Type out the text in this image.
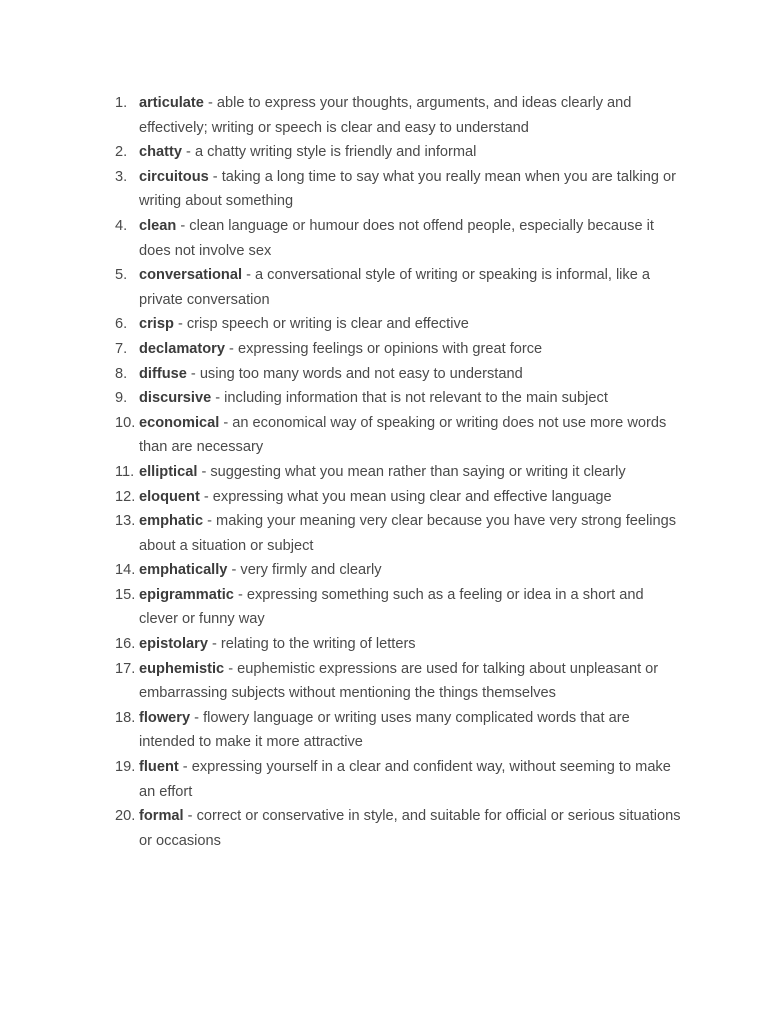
1. articulate - able to express your thoughts, arguments, and ideas clearly and effectively; writing or speech is clear and easy to understand
2. chatty - a chatty writing style is friendly and informal
3. circuitous - taking a long time to say what you really mean when you are talking or writing about something
4. clean - clean language or humour does not offend people, especially because it does not involve sex
5. conversational - a conversational style of writing or speaking is informal, like a private conversation
6. crisp - crisp speech or writing is clear and effective
7. declamatory - expressing feelings or opinions with great force
8. diffuse - using too many words and not easy to understand
9. discursive - including information that is not relevant to the main subject
10. economical - an economical way of speaking or writing does not use more words than are necessary
11. elliptical - suggesting what you mean rather than saying or writing it clearly
12. eloquent - expressing what you mean using clear and effective language
13. emphatic - making your meaning very clear because you have very strong feelings about a situation or subject
14. emphatically - very firmly and clearly
15. epigrammatic - expressing something such as a feeling or idea in a short and clever or funny way
16. epistolary - relating to the writing of letters
17. euphemistic - euphemistic expressions are used for talking about unpleasant or embarrassing subjects without mentioning the things themselves
18. flowery - flowery language or writing uses many complicated words that are intended to make it more attractive
19. fluent - expressing yourself in a clear and confident way, without seeming to make an effort
20. formal - correct or conservative in style, and suitable for official or serious situations or occasions
